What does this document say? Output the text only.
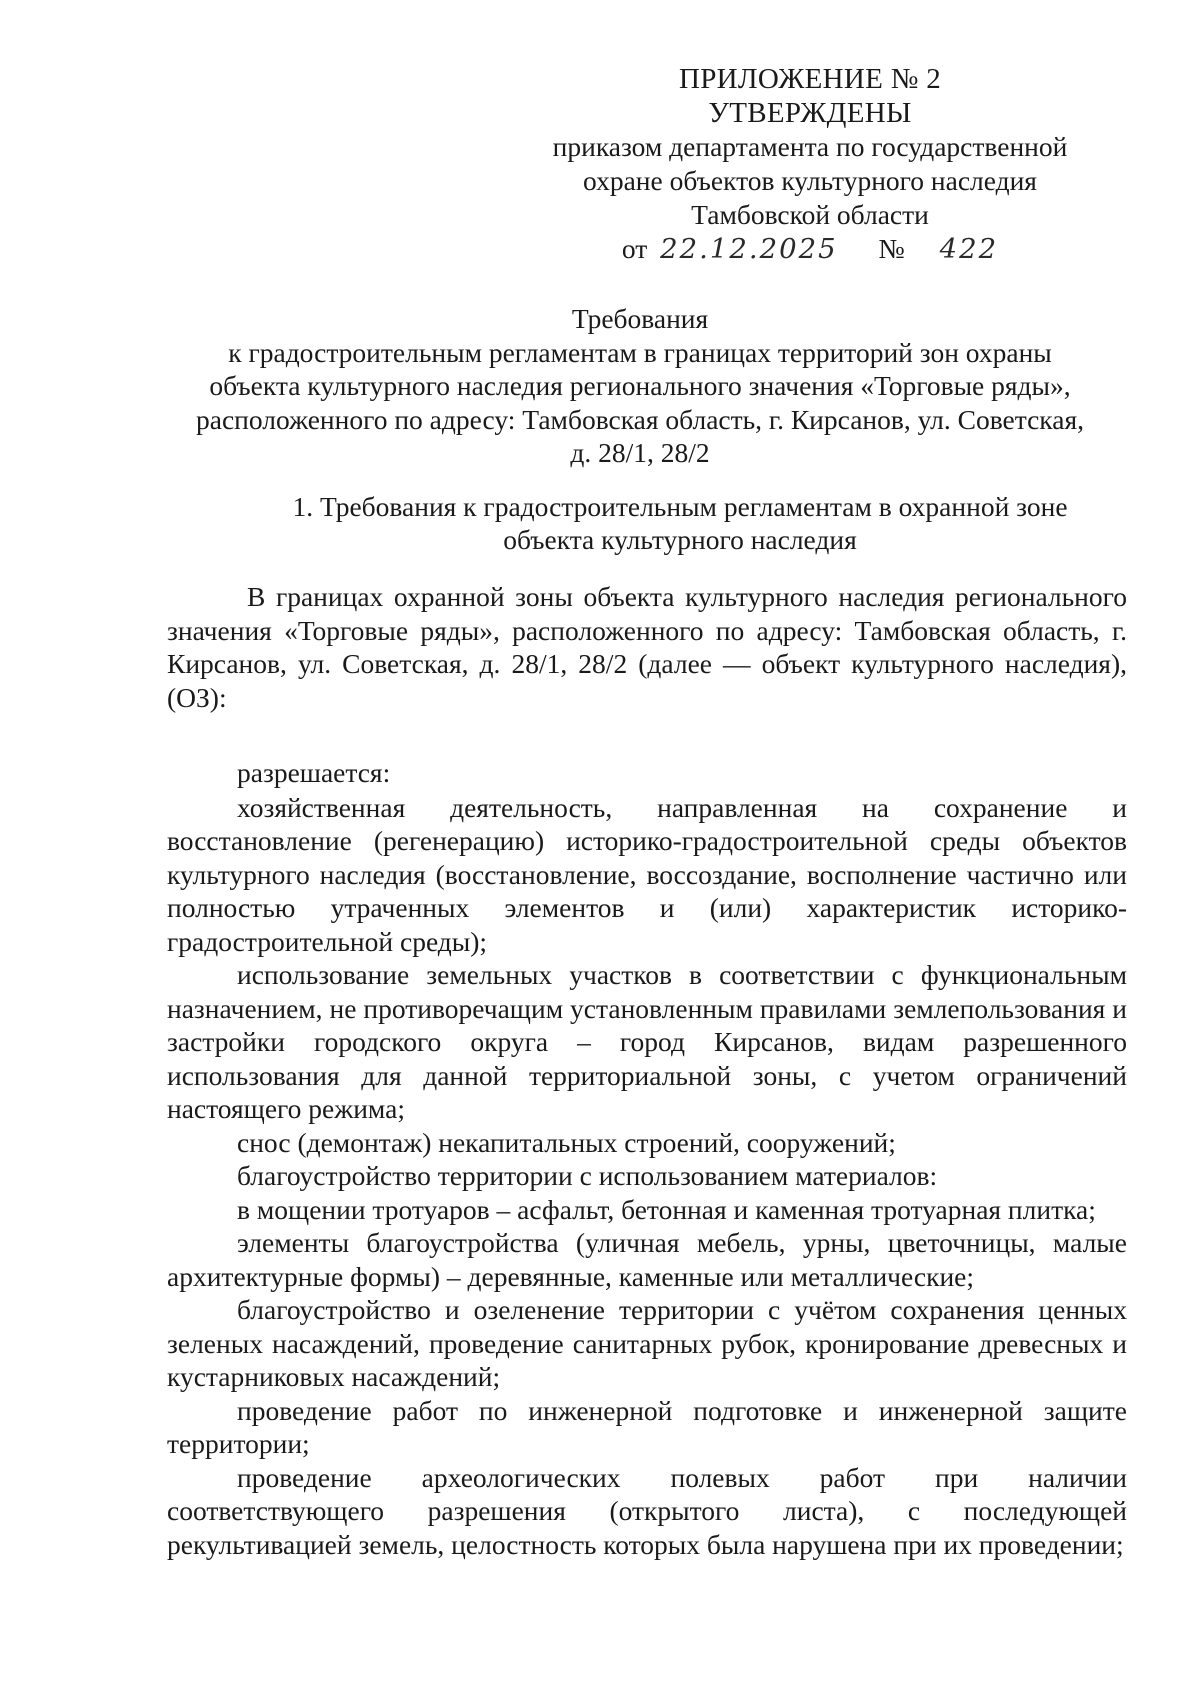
ПРИЛОЖЕНИЕ № 2
УТВЕРЖДЕНЫ
приказом департамента по государственной
охране объектов культурного наследия
Тамбовской области
от 22.12.2025 № 422
Требования
к градостроительным регламентам в границах территорий зон охраны
объекта культурного наследия регионального значения «Торговые ряды»,
расположенного по адресу: Тамбовская область, г. Кирсанов, ул. Советская,
д. 28/1, 28/2
1. Требования к градостроительным регламентам в охранной зоне
объекта культурного наследия

В границах охранной зоны объекта культурного наследия регионального значения «Торговые ряды», расположенного по адресу: Тамбовская область, г. Кирсанов, ул. Советская, д. 28/1, 28/2 (далее — объект культурного наследия), (ОЗ):

разрешается:

хозяйственная деятельность, направленная на сохранение и восстановление (регенерацию) историко-градостроительной среды объектов культурного наследия (восстановление, воссоздание, восполнение частично или полностью утраченных элементов и (или) характеристик историко-градостроительной среды);

использование земельных участков в соответствии с функциональным назначением, не противоречащим установленным правилами землепользования и застройки городского округа – город Кирсанов, видам разрешенного использования для данной территориальной зоны, с учетом ограничений настоящего режима;

снос (демонтаж) некапитальных строений, сооружений;

благоустройство территории с использованием материалов:

в мощении тротуаров – асфальт, бетонная и каменная тротуарная плитка;

элементы благоустройства (уличная мебель, урны, цветочницы, малые архитектурные формы) – деревянные, каменные или металлические;

благоустройство и озеленение территории с учётом сохранения ценных зеленых насаждений, проведение санитарных рубок, кронирование древесных и кустарниковых насаждений;

проведение работ по инженерной подготовке и инженерной защите территории;

проведение археологических полевых работ при наличии соответствующего разрешения (открытого листа), с последующей рекультивацией земель, целостность которых была нарушена при их проведении;
